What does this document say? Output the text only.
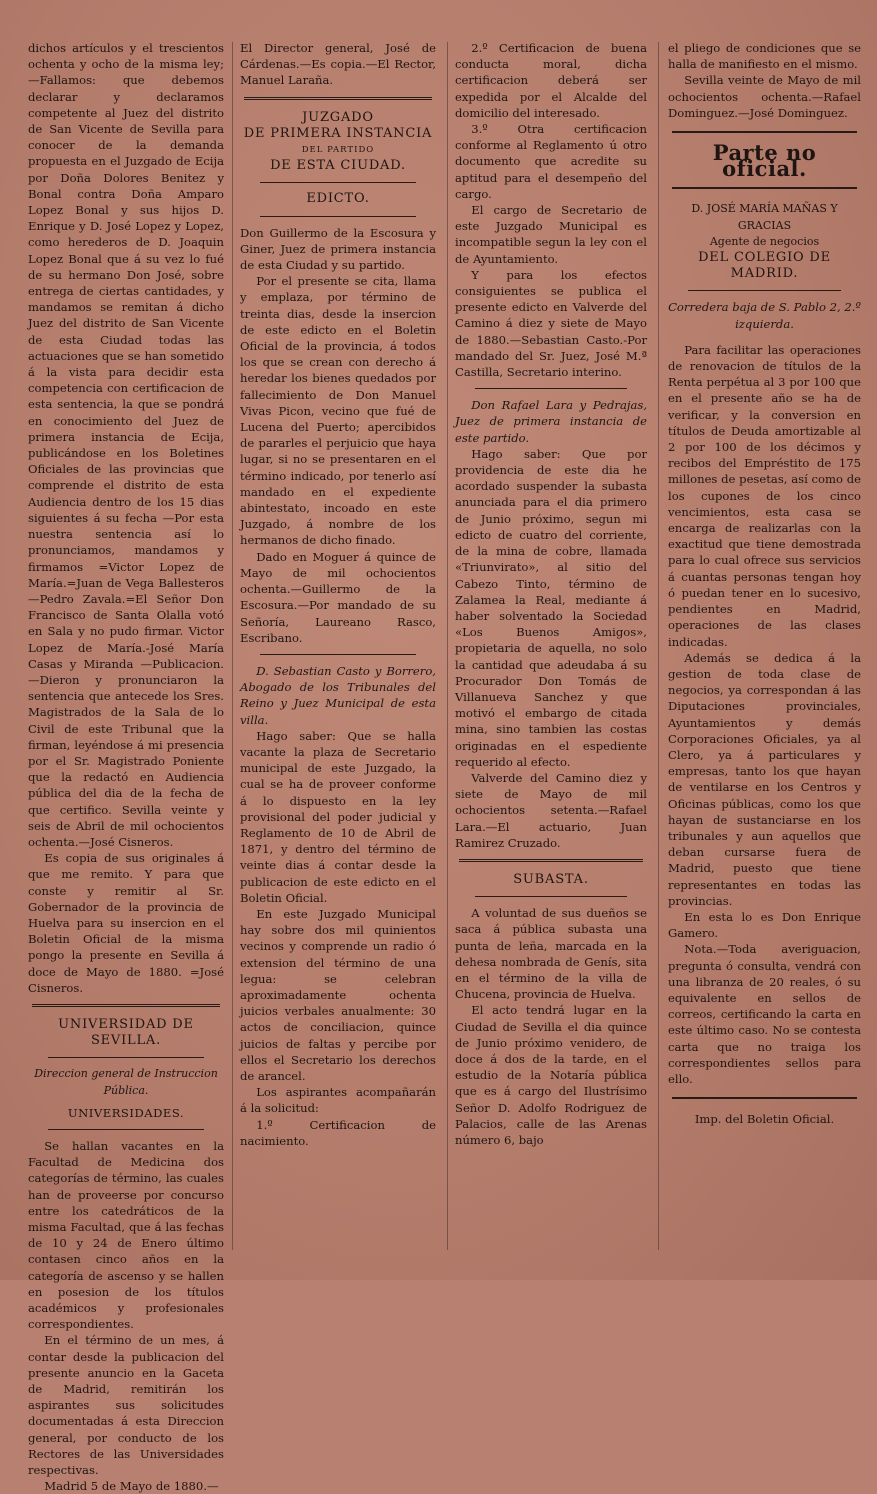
dichos artículos y el trescientos ochenta y ocho de la misma ley; —Fallamos: que debemos declarar y declaramos competente al Juez del distrito de San Vicente de Sevilla para conocer de la demanda propuesta en el Juzgado de Ecija por Doña Dolores Benitez y Bonal contra Doña Amparo Lopez Bonal y sus hijos D. Enrique y D. José Lopez y Lopez, como herederos de D. Joaquin Lopez Bonal que á su vez lo fué de su hermano Don José, sobre entrega de ciertas cantidades, y mandamos se remitan á dicho Juez del distrito de San Vicente de esta Ciudad todas las actuaciones que se han sometido á la vista para decidir esta competencia con certificacion de esta sentencia, la que se pondrá en conocimiento del Juez de primera instancia de Ecija, publicándose en los Boletines Oficiales de las provincias que comprende el distrito de esta Audiencia dentro de los 15 dias siguientes á su fecha —Por esta nuestra sentencia así lo pronunciamos, mandamos y firmamos =Victor Lopez de María.=Juan de Vega Ballesteros —Pedro Zavala.=El Señor Don Francisco de Santa Olalla votó en Sala y no pudo firmar. Victor Lopez de María.-José María Casas y Miranda —Publicacion. —Dieron y pronunciaron la sentencia que antecede los Sres. Magistrados de la Sala de lo Civil de este Tribunal que la firman, leyéndose á mi presencia por el Sr. Magistrado Poniente que la redactó en Audiencia pública del dia de la fecha de que certifico. Sevilla veinte y seis de Abril de mil ochocientos ochenta.—José Cisneros.

Es copia de sus originales á que me remito. Y para que conste y remitir al Sr. Gobernador de la provincia de Huelva para su insercion en el Boletin Oficial de la misma pongo la presente en Sevilla á doce de Mayo de 1880. =José Cisneros.

UNIVERSIDAD DE SEVILLA.

Direccion general de Instruccion Pública.

UNIVERSIDADES.

Se hallan vacantes en la Facultad de Medicina dos categorías de término, las cuales han de proveerse por concurso entre los catedráticos de la misma Facultad, que á las fechas de 10 y 24 de Enero último contasen cinco años en la categoría de ascenso y se hallen en posesion de los títulos académicos y profesionales correspondientes.

En el término de un mes, á contar desde la publicacion del presente anuncio en la Gaceta de Madrid, remitirán los aspirantes sus solicitudes documentadas á esta Direccion general, por conducto de los Rectores de las Universidades respectivas.

Madrid 5 de Mayo de 1880.—

El Director general, José de Cárdenas.—Es copia.—El Rector, Manuel Laraña.

JUZGADO

DE PRIMERA INSTANCIA

DEL PARTIDO

DE ESTA CIUDAD.

EDICTO.

Don Guillermo de la Escosura y Giner, Juez de primera instancia de esta Ciudad y su partido.

Por el presente se cita, llama y emplaza, por término de treinta dias, desde la insercion de este edicto en el Boletin Oficial de la provincia, á todos los que se crean con derecho á heredar los bienes quedados por fallecimiento de Don Manuel Vivas Picon, vecino que fué de Lucena del Puerto; apercibidos de pararles el perjuicio que haya lugar, si no se presentaren en el término indicado, por tenerlo así mandado en el expediente abintestato, incoado en este Juzgado, á nombre de los hermanos de dicho finado.

Dado en Moguer á quince de Mayo de mil ochocientos ochenta.—Guillermo de la Escosura.—Por mandado de su Señoría, Laureano Rasco, Escribano.

D. Sebastian Casto y Borrero, Abogado de los Tribunales del Reino y Juez Municipal de esta villa.

Hago saber: Que se halla vacante la plaza de Secretario municipal de este Juzgado, la cual se ha de proveer conforme á lo dispuesto en la ley provisional del poder judicial y Reglamento de 10 de Abril de 1871, y dentro del término de veinte dias á contar desde la publicacion de este edicto en el Boletin Oficial.

En este Juzgado Municipal hay sobre dos mil quinientos vecinos y comprende un radio ó extension del término de una legua: se celebran aproximadamente ochenta juicios verbales anualmente: 30 actos de conciliacion, quince juicios de faltas y percibe por ellos el Secretario los derechos de arancel.

Los aspirantes acompañarán á la solicitud:

1.º Certificacion de nacimiento.

2.º Certificacion de buena conducta moral, dicha certificacion deberá ser expedida por el Alcalde del domicilio del interesado.

3.º Otra certificacion conforme al Reglamento ú otro documento que acredite su aptitud para el desempeño del cargo.

El cargo de Secretario de este Juzgado Municipal es incompatible segun la ley con el de Ayuntamiento.

Y para los efectos consiguientes se publica el presente edicto en Valverde del Camino á diez y siete de Mayo de 1880.—Sebastian Casto.-Por mandado del Sr. Juez, José M.ª Castilla, Secretario interino.

Don Rafael Lara y Pedrajas, Juez de primera instancia de este partido.

Hago saber: Que por providencia de este dia he acordado suspender la subasta anunciada para el dia primero de Junio próximo, segun mi edicto de cuatro del corriente, de la mina de cobre, llamada «Triunvirato», al sitio del Cabezo Tinto, término de Zalamea la Real, mediante á haber solventado la Sociedad «Los Buenos Amigos», propietaria de aquella, no solo la cantidad que adeudaba á su Procurador Don Tomás de Villanueva Sanchez y que motivó el embargo de citada mina, sino tambien las costas originadas en el espediente requerido al efecto.

Valverde del Camino diez y siete de Mayo de mil ochocientos setenta.—Rafael Lara.—El actuario, Juan Ramirez Cruzado.

SUBASTA.

A voluntad de sus dueños se saca á pública subasta una punta de leña, marcada en la dehesa nombrada de Genís, sita en el término de la villa de Chucena, provincia de Huelva.

El acto tendrá lugar en la Ciudad de Sevilla el dia quince de Junio próximo venidero, de doce á dos de la tarde, en el estudio de la Notaría pública que es á cargo del Ilustrísimo Señor D. Adolfo Rodriguez de Palacios, calle de las Arenas número 6, bajo

el pliego de condiciones que se halla de manifiesto en el mismo.

Sevilla veinte de Mayo de mil ochocientos ochenta.—Rafael Dominguez.—José Dominguez.

Parte no oficial.

D. JOSÉ MARÍA MAÑAS Y GRACIAS

Agente de negocios

DEL COLEGIO DE MADRID.

Corredera baja de S. Pablo 2, 2.º izquierda.

Para facilitar las operaciones de renovacion de títulos de la Renta perpétua al 3 por 100 que en el presente año se ha de verificar, y la conversion en títulos de Deuda amortizable al 2 por 100 de los décimos y recibos del Empréstito de 175 millones de pesetas, así como de los cupones de los cinco vencimientos, esta casa se encarga de realizarlas con la exactitud que tiene demostrada para lo cual ofrece sus servicios á cuantas personas tengan hoy ó puedan tener en lo sucesivo, pendientes en Madrid, operaciones de las clases indicadas.

Además se dedica á la gestion de toda clase de negocios, ya correspondan á las Diputaciones provinciales, Ayuntamientos y demás Corporaciones Oficiales, ya al Clero, ya á particulares y empresas, tanto los que hayan de ventilarse en los Centros y Oficinas públicas, como los que hayan de sustanciarse en los tribunales y aun aquellos que deban cursarse fuera de Madrid, puesto que tiene representantes en todas las provincias.

En esta lo es Don Enrique Gamero.

Nota.—Toda averiguacion, pregunta ó consulta, vendrá con una libranza de 20 reales, ó su equivalente en sellos de correos, certificando la carta en este último caso. No se contesta carta que no traiga los correspondientes sellos para ello.

Imp. del Boletin Oficial.
